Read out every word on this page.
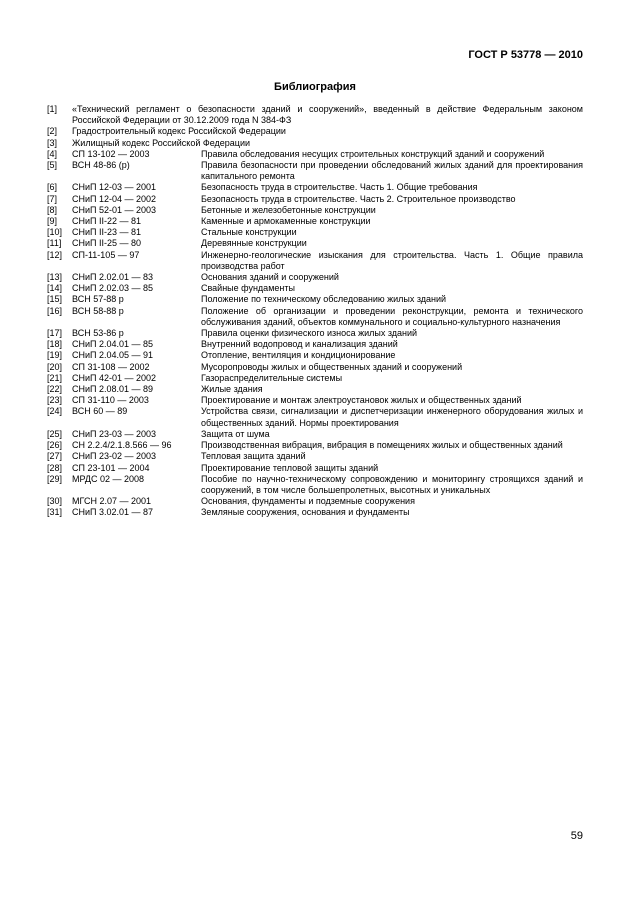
ГОСТ Р 53778 — 2010
Библиография
[1]	«Технический регламент о безопасности зданий и сооружений», введенный в действие Федеральным законом Российской Федерации от 30.12.2009 года N 384-ФЗ
[2]	Градостроительный кодекс Российской Федерации
[3]	Жилищный кодекс Российской Федерации
[4]	СП 13-102 — 2003	Правила обследования несущих строительных конструкций зданий и сооружений
[5]	ВСН 48-86 (р)	Правила безопасности при проведении обследований жилых зданий для проектирования капитального ремонта
[6]	СНиП 12-03 — 2001	Безопасность труда в строительстве. Часть 1. Общие требования
[7]	СНиП 12-04 — 2002	Безопасность труда в строительстве. Часть 2. Строительное производство
[8]	СНиП 52-01 — 2003	Бетонные и железобетонные конструкции
[9]	СНиП II-22 — 81	Каменные и армокаменные конструкции
[10]	СНиП II-23 — 81	Стальные конструкции
[11]	СНиП II-25 — 80	Деревянные конструкции
[12]	СП-11-105 — 97	Инженерно-геологические изыскания для строительства. Часть 1. Общие правила производства работ
[13]	СНиП 2.02.01 — 83	Основания зданий и сооружений
[14]	СНиП 2.02.03 — 85	Свайные фундаменты
[15]	ВСН 57-88 р	Положение по техническому обследованию жилых зданий
[16]	ВСН 58-88 р	Положение об организации и проведении реконструкции, ремонта и технического обслуживания зданий, объектов коммунального и социально-культурного назначения
[17]	ВСН 53-86 р	Правила оценки физического износа жилых зданий
[18]	СНиП 2.04.01 — 85	Внутренний водопровод и канализация зданий
[19]	СНиП 2.04.05 — 91	Отопление, вентиляция и кондиционирование
[20]	СП 31-108 — 2002	Мусоропроводы жилых и общественных зданий и сооружений
[21]	СНиП 42-01 — 2002	Газораспределительные системы
[22]	СНиП 2.08.01 — 89	Жилые здания
[23]	СП 31-110 — 2003	Проектирование и монтаж электроустановок жилых и общественных зданий
[24]	ВСН 60 — 89	Устройства связи, сигнализации и диспетчеризации инженерного оборудования жилых и общественных зданий. Нормы проектирования
[25]	СНиП 23-03 — 2003	Защита от шума
[26]	СН 2.2.4/2.1.8.566 — 96	Производственная вибрация, вибрация в помещениях жилых и общественных зданий
[27]	СНиП 23-02 — 2003	Тепловая защита зданий
[28]	СП 23-101 — 2004	Проектирование тепловой защиты зданий
[29]	МРДС 02 — 2008	Пособие по научно-техническому сопровождению и мониторингу строящихся зданий и сооружений, в том числе большепролетных, высотных и уникальных
[30]	МГСН 2.07 — 2001	Основания, фундаменты и подземные сооружения
[31]	СНиП 3.02.01 — 87	Земляные сооружения, основания и фундаменты
59
